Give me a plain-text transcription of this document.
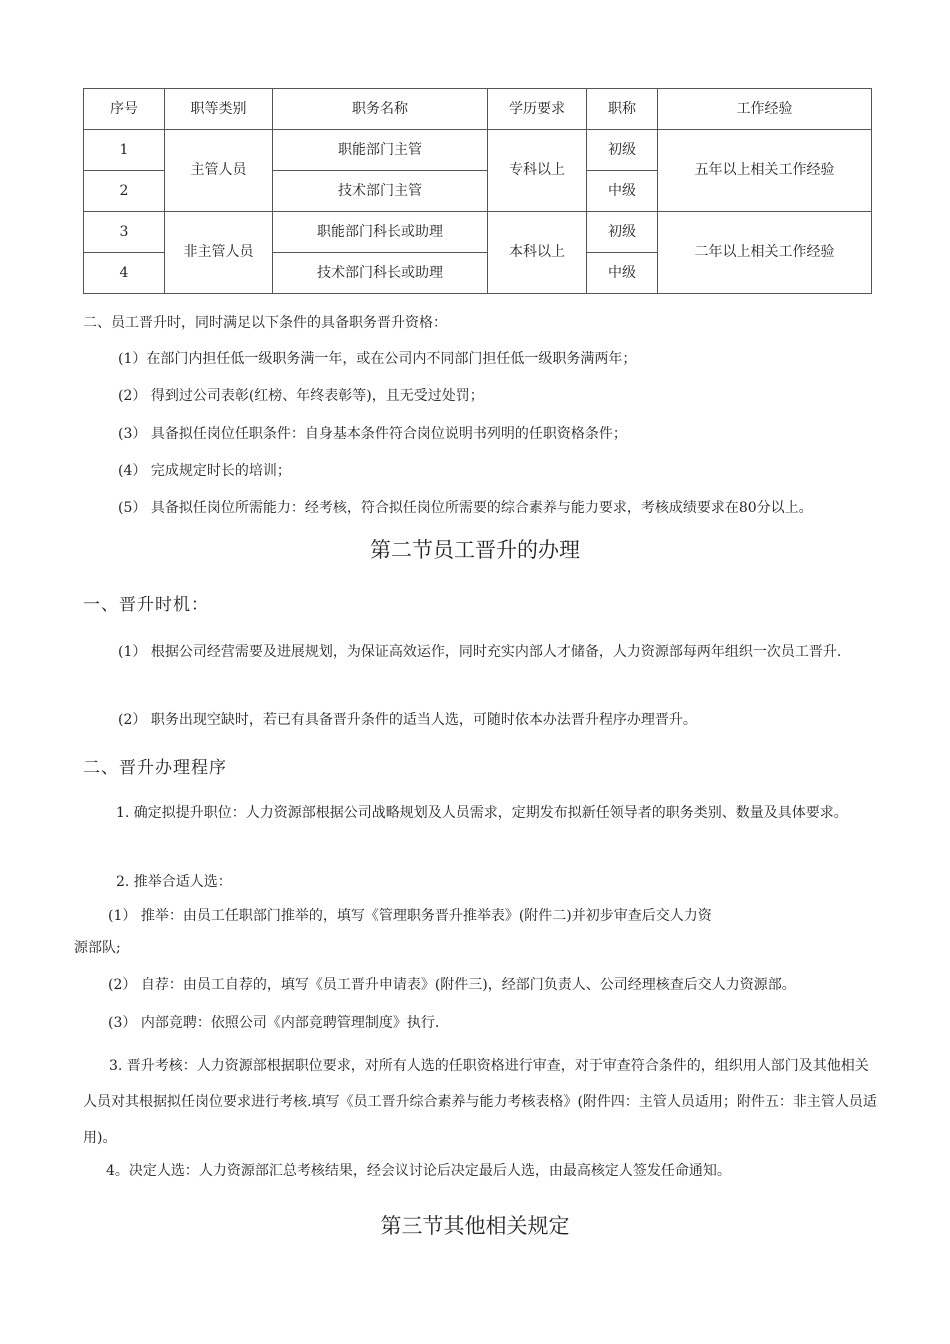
序号	职等类别	职务名称	学历要求	职称	工作经验
1	主管人员	职能部门主管	专科以上	初级	五年以上相关工作经验
2		技术部门主管		中级	
3	非主管人员	职能部门科长或助理	本科以上	初级	二年以上相关工作经验
4		技术部门科长或助理		中级	
二、员工晋升时，同时满足以下条件的具备职务晋升资格：
(1）在部门内担任低一级职务满一年，或在公司内不同部门担任低一级职务满两年；
(2） 得到过公司表彰(红榜、年终表彰等)，且无受过处罚；
(3） 具备拟任岗位任职条件：自身基本条件符合岗位说明书列明的任职资格条件；
(4） 完成规定时长的培训；
(5） 具备拟任岗位所需能力：经考核，符合拟任岗位所需要的综合素养与能力要求，考核成绩要求在80分以上。
第二节员工晋升的办理
一、晋升时机：
(1） 根据公司经营需要及进展规划，为保证高效运作，同时充实内部人才储备，人力资源部每两年组织一次员工晋升.
(2） 职务出现空缺时，若已有具备晋升条件的适当人选，可随时依本办法晋升程序办理晋升。
二、晋升办理程序
1. 确定拟提升职位：人力资源部根据公司战略规划及人员需求，定期发布拟新任领导者的职务类别、数量及具体要求。
2. 推举合适人选：
(1） 推举：由员工任职部门推举的，填写《管理职务晋升推举表》(附件二)并初步审查后交人力资
源部队;
(2） 自荐：由员工自荐的，填写《员工晋升申请表》(附件三)，经部门负责人、公司经理核查后交人力资源部。
(3） 内部竞聘：依照公司《内部竞聘管理制度》执行.
3. 晋升考核：人力资源部根据职位要求，对所有人选的任职资格进行审查，对于审查符合条件的，组织用人部门及其他相关人员对其根据拟任岗位要求进行考核.填写《员工晋升综合素养与能力考核表格》(附件四：主管人员适用；附件五：非主管人员适用)。
4。决定人选：人力资源部汇总考核结果，经会议讨论后决定最后人选，由最高核定人签发任命通知。
第三节其他相关规定
